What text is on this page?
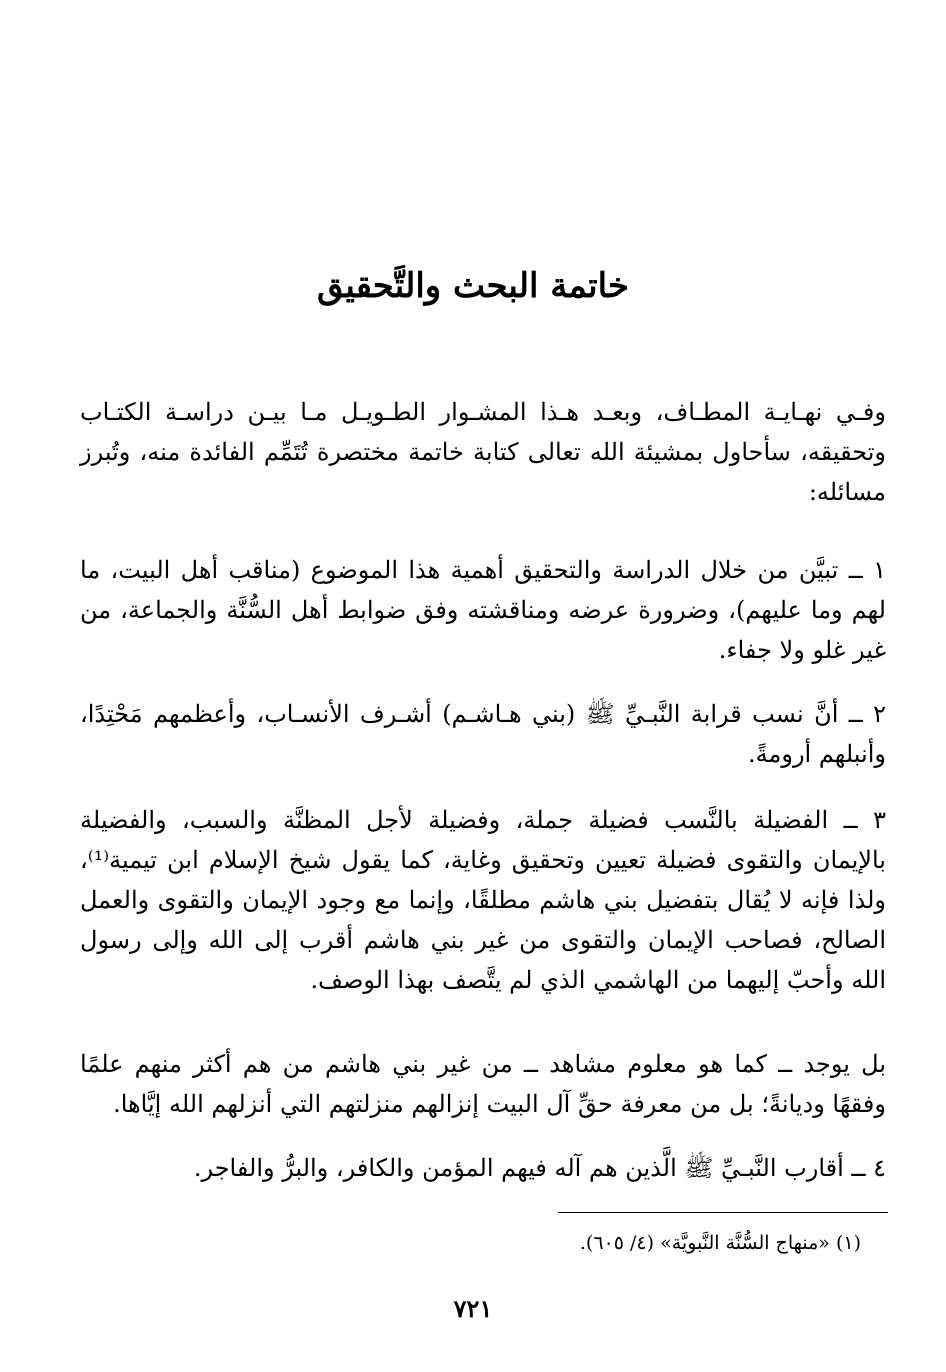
خاتمة البحث والتَّحقيق

وفـي نهـايـة المطـاف، وبعـد هـذا المشـوار الطـويـل مـا بيـن دراسـة الكتـاب وتحقيقه، سأحاول بمشيئة الله تعالى كتابة خاتمة مختصرة تُتَمِّم الفائدة منه، وتُبرز مسائله:

١ ــ تبيَّن من خلال الدراسة والتحقيق أهمية هذا الموضوع (مناقب أهل البيت، ما لهم وما عليهم)، وضرورة عرضه ومناقشته وفق ضوابط أهل السُّنَّة والجماعة، من غير غلو ولا جفاء.

٢ ــ أنَّ نسب قرابة النَّبـيِّ ﷺ (بني هـاشـم) أشـرف الأنسـاب، وأعظمهم مَحْتِدًا، وأنبلهم أرومةً.

٣ ــ الفضيلة بالنَّسب فضيلة جملة، وفضيلة لأجل المظنَّة والسبب، والفضيلة بالإيمان والتقوى فضيلة تعيين وتحقيق وغاية، كما يقول شيخ الإسلام ابن تيمية⁽¹⁾، ولذا فإنه لا يُقال بتفضيل بني هاشم مطلقًا، وإنما مع وجود الإيمان والتقوى والعمل الصالح، فصاحب الإيمان والتقوى من غير بني هاشم أقرب إلى الله وإلى رسول الله وأحبّ إليهما من الهاشمي الذي لم يتَّصف بهذا الوصف.

بل يوجد ــ كما هو معلوم مشاهد ــ من غير بني هاشم من هم أكثر منهم علمًا وفقهًا وديانةً؛ بل من معرفة حقِّ آل البيت إنزالهم منزلتهم التي أنزلهم الله إيَّاها.

٤ ــ أقارب النَّبـيِّ ﷺ الَّذين هم آله فيهم المؤمن والكافر، والبرُّ والفاجر.

(١) «منهاج السُّنَّة النَّبويَّة» (٤/ ٦٠٥).

٧٢١
